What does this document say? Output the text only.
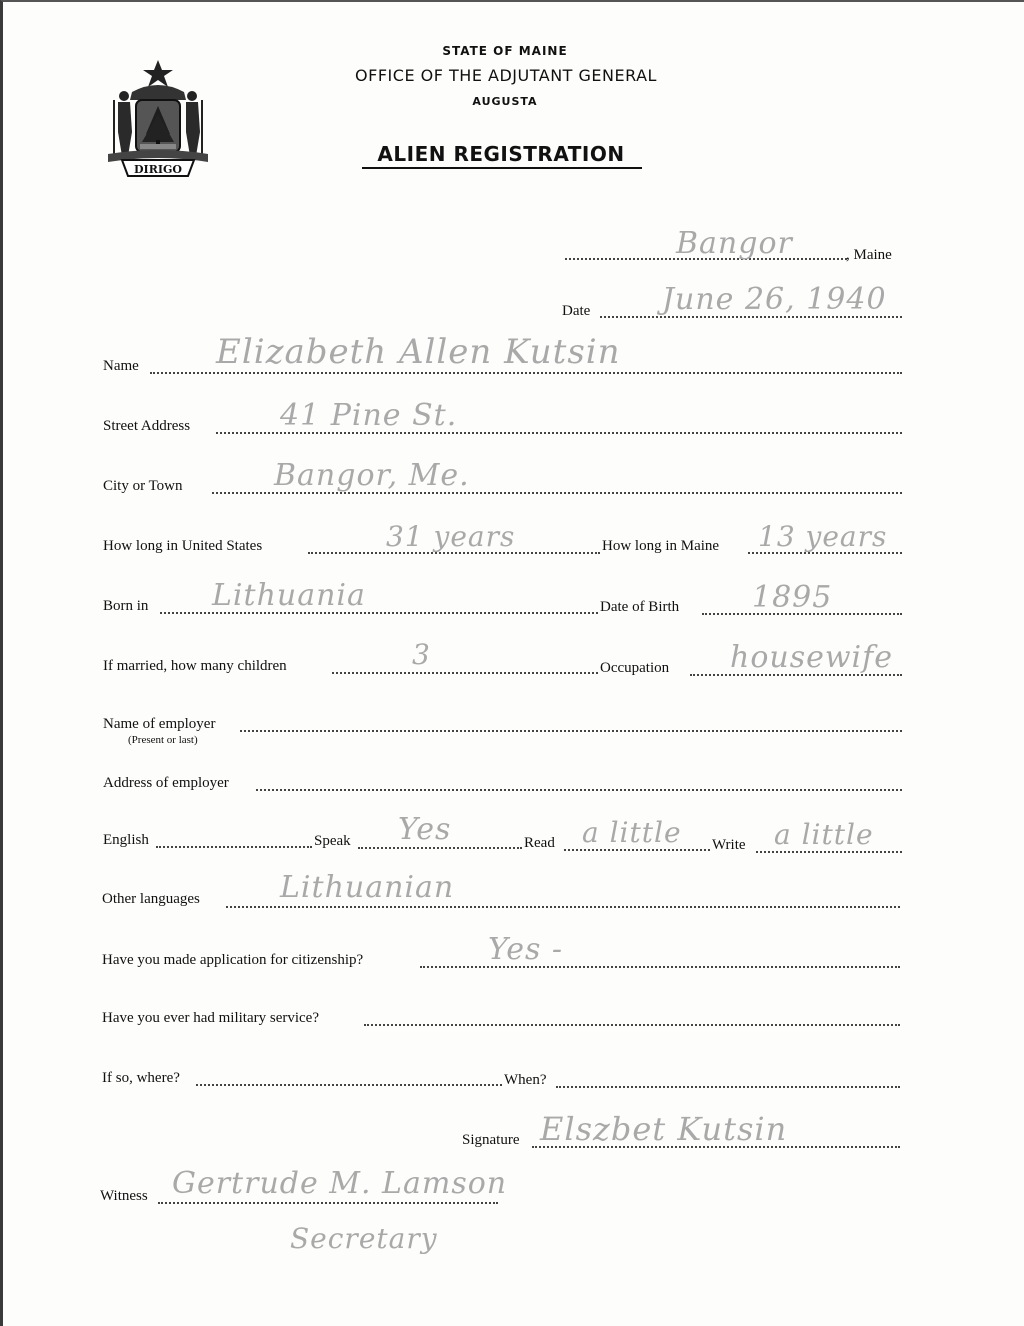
DIRIGO
STATE OF MAINE
OFFICE OF THE ADJUTANT GENERAL
AUGUSTA
ALIEN REGISTRATION
Bangor	, Maine
Date June 26, 1940
Name Elizabeth Allen Kutsin
Street Address	41 Pine St.
City or Town	Bangor, Me.
How long in United States	31 years	How long in Maine 13 years
Born in Lithuania	Date of Birth 1895
If married, how many children	3	Occupation housewife
Name of employer
(Present or last)
Address of employer
English	Speak Yes	Read a little Write a little
Other languages	Lithuanian
Have you made application for citizenship?	Yes -
Have you ever had military service?
If so, where?	When?
Signature Elszbet Kutsin
Witness Gertrude M. Lamson
Secretary
